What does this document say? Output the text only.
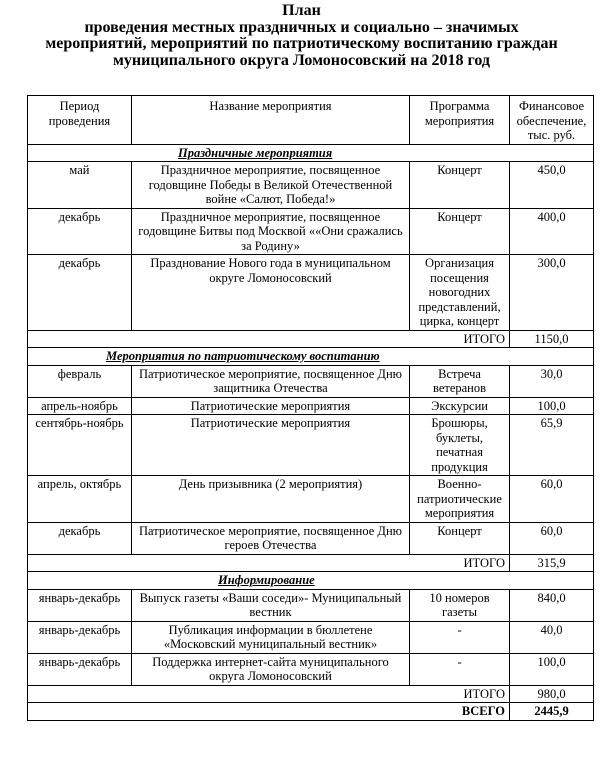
План
проведения местных праздничных и социально – значимых
мероприятий, мероприятий по патриотическому воспитанию граждан
муниципального округа Ломоносовский на 2018 год
Период проведения	Название мероприятия	Программа мероприятия	Финансовое обеспечение, тыс. руб.
Праздничные мероприятия			
май	Праздничное мероприятие, посвященное годовщине Победы в Великой Отечественной войне «Салют, Победа!»	Концерт	450,0
декабрь	Праздничное мероприятие, посвященное годовщине Битвы под Москвой ««Они сражались за Родину»	Концерт	400,0
декабрь	Празднование Нового года в муниципальном округе Ломоносовский	Организация посещения новогодних представлений, цирка, концерт	300,0
ИТОГО			1150,0
Мероприятия по патриотическому воспитанию			
февраль	Патриотическое мероприятие, посвященное Дню защитника Отечества	Встреча ветеранов	30,0
апрель-ноябрь	Патриотические мероприятия	Экскурсии	100,0
сентябрь-ноябрь	Патриотические мероприятия	Брошюры, буклеты, печатная продукция	65,9
апрель, октябрь	День призывника (2 мероприятия)	Военно-патриотические мероприятия	60,0
декабрь	Патриотическое мероприятие, посвященное Дню героев Отечества	Концерт	60,0
ИТОГО			315,9
Информирование			
январь-декабрь	Выпуск газеты «Ваши соседи»- Муниципальный вестник	10 номеров газеты	840,0
январь-декабрь	Публикация информации в бюллетене «Московский муниципальный вестник»	-	40,0
январь-декабрь	Поддержка интернет-сайта муниципального округа Ломоносовский	-	100,0
ИТОГО			980,0
ВСЕГО			2445,9
